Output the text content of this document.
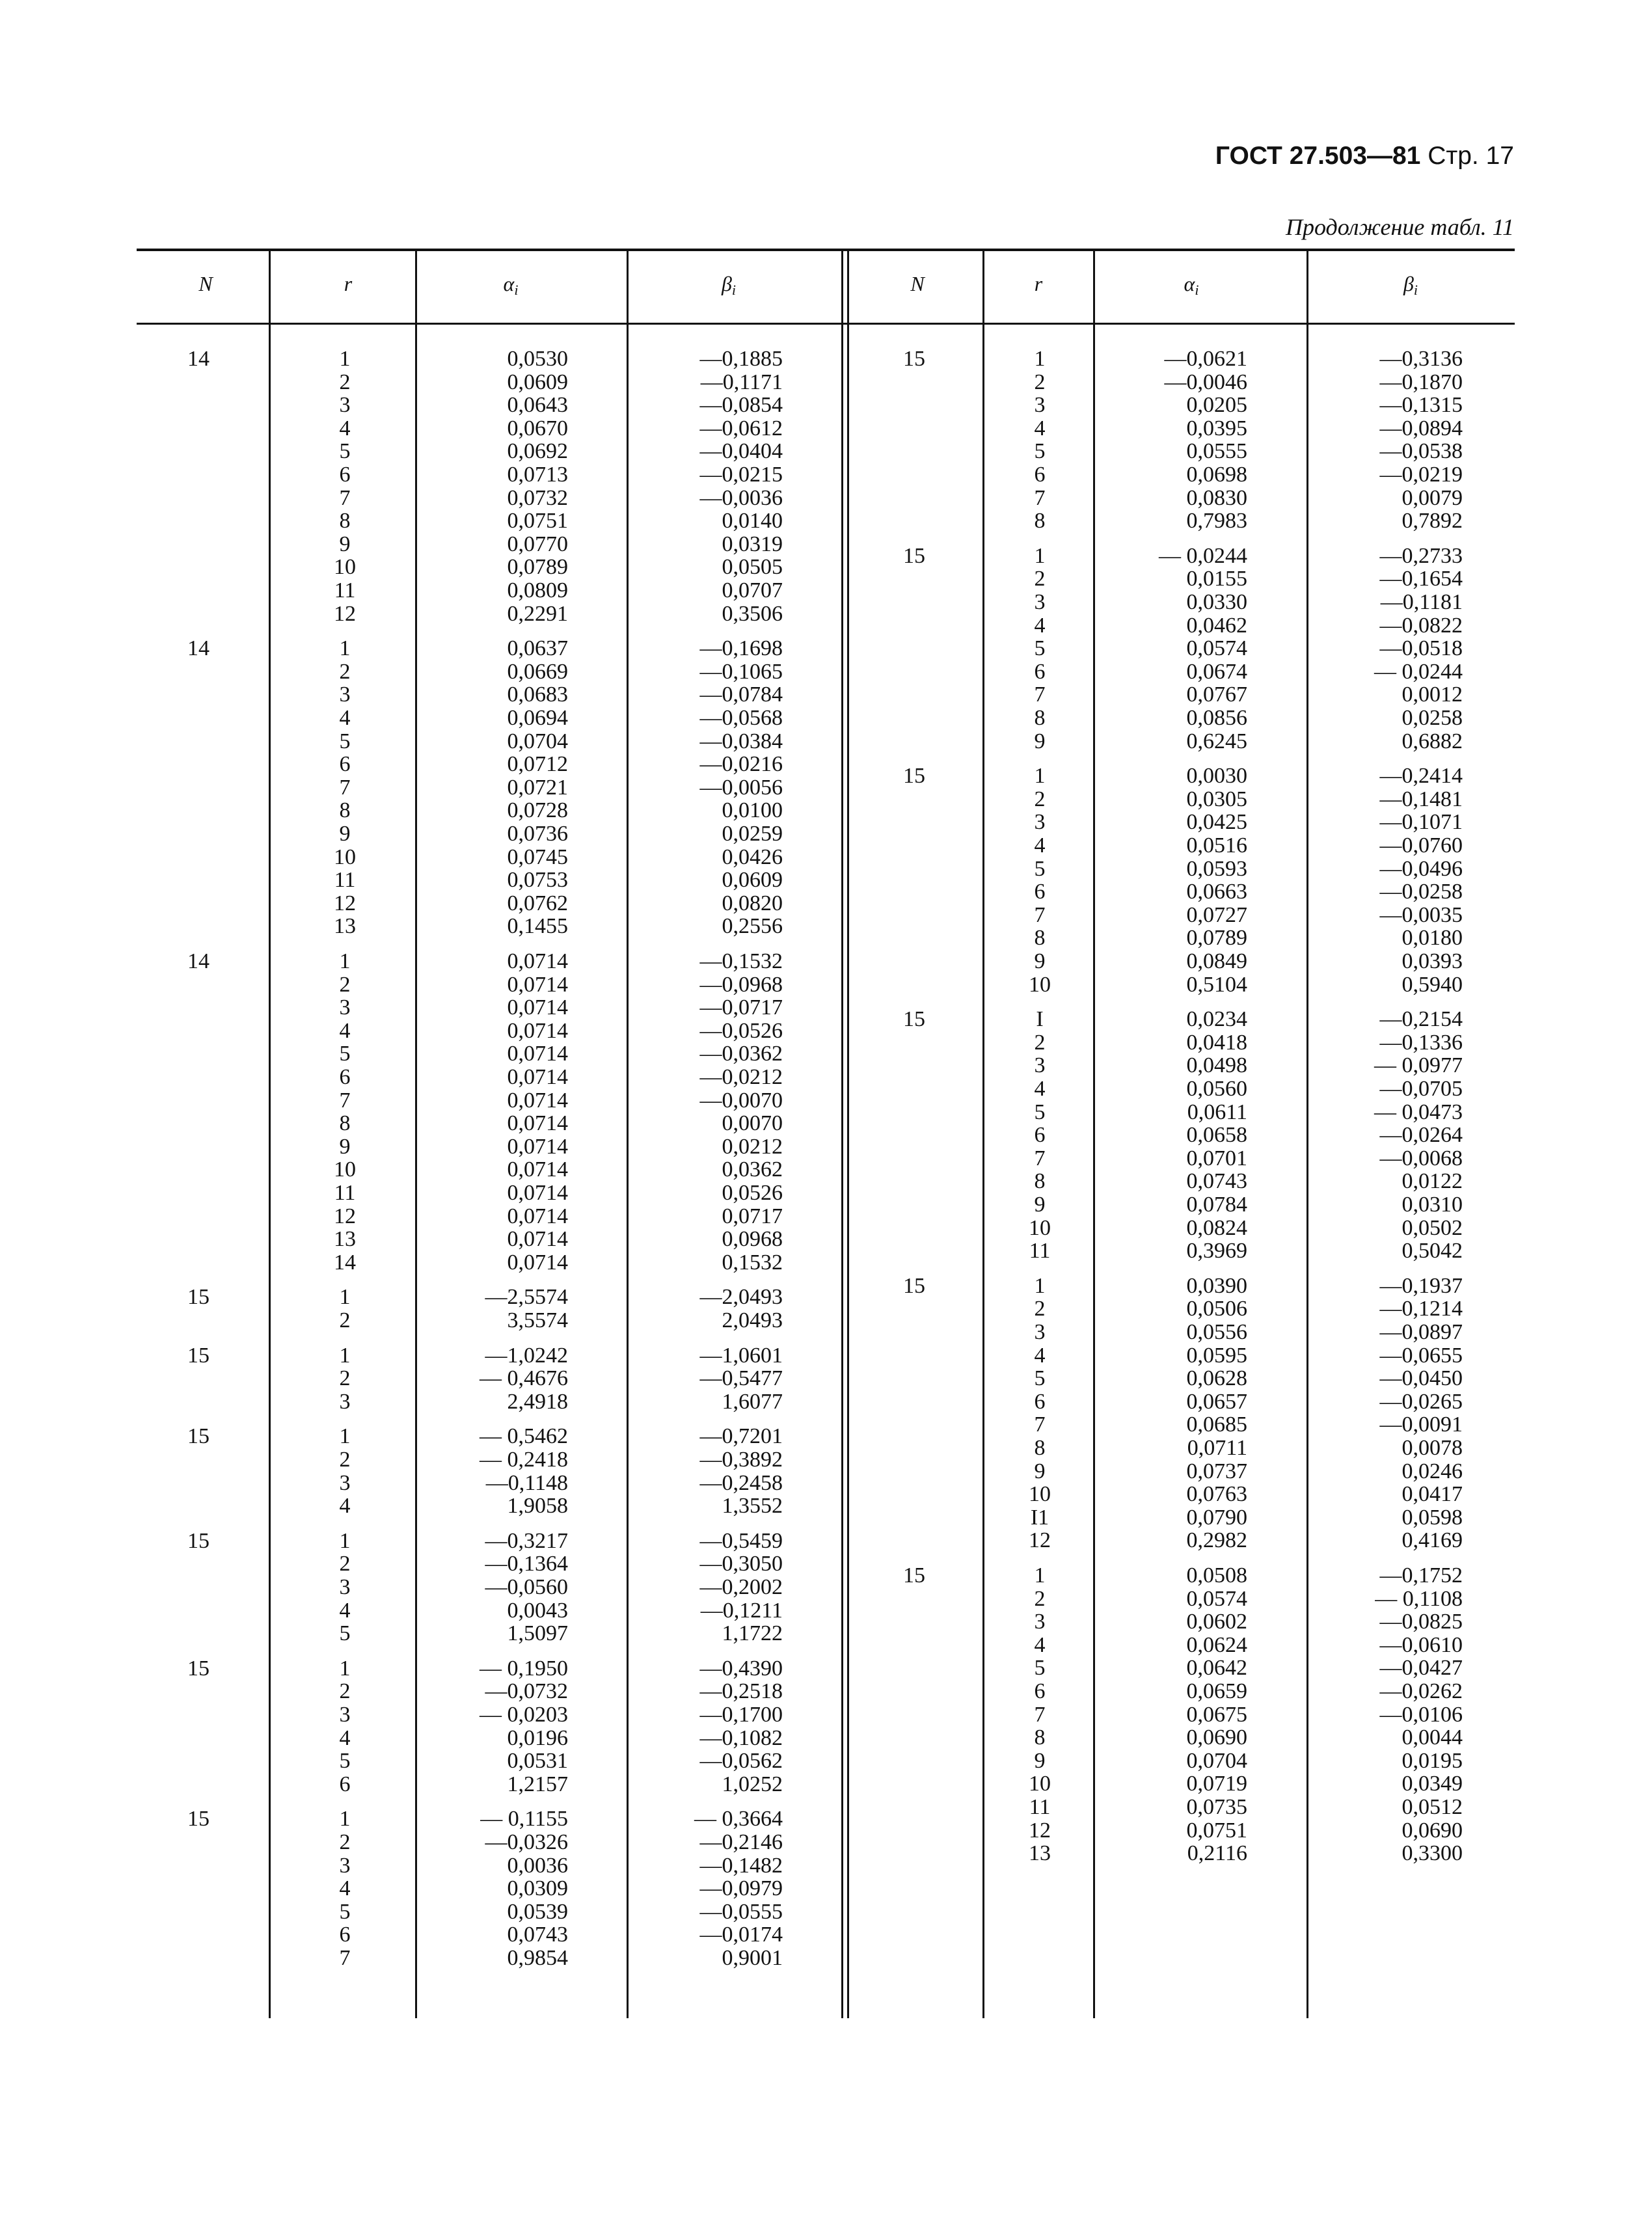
ГОСТ 27.503—81 Стр. 17
Продолжение табл. 11
N	r	$\alpha_i$	$\beta_i$	N	r	$\alpha_i$	$\beta_i$
14	1	0,0530	—0,1885
2	0,0609	—0,1171
3	0,0643	—0,0854
4	0,0670	—0,0612
5	0,0692	—0,0404
6	0,0713	—0,0215
7	0,0732	—0,0036
8	0,0751	0,0140
9	0,0770	0,0319
10	0,0789	0,0505
11	0,0809	0,0707
12	0,2291	0,3506
14	1	0,0637	—0,1698
2	0,0669	—0,1065
3	0,0683	—0,0784
4	0,0694	—0,0568
5	0,0704	—0,0384
6	0,0712	—0,0216
7	0,0721	—0,0056
8	0,0728	0,0100
9	0,0736	0,0259
10	0,0745	0,0426
11	0,0753	0,0609
12	0,0762	0,0820
13	0,1455	0,2556
14	1	0,0714	—0,1532
2	0,0714	—0,0968
3	0,0714	—0,0717
4	0,0714	—0,0526
5	0,0714	—0,0362
6	0,0714	—0,0212
7	0,0714	—0,0070
8	0,0714	0,0070
9	0,0714	0,0212
10	0,0714	0,0362
11	0,0714	0,0526
12	0,0714	0,0717
13	0,0714	0,0968
14	0,0714	0,1532
15	1	—2,5574	—2,0493
2	3,5574	2,0493
15	1	—1,0242	—1,0601
2	— 0,4676	—0,5477
3	2,4918	1,6077
15	1	— 0,5462	—0,7201
2	— 0,2418	—0,3892
3	—0,1148	—0,2458
4	1,9058	1,3552
15	1	—0,3217	—0,5459
2	—0,1364	—0,3050
3	—0,0560	—0,2002
4	0,0043	—0,1211
5	1,5097	1,1722
15	1	— 0,1950	—0,4390
2	—0,0732	—0,2518
3	— 0,0203	—0,1700
4	0,0196	—0,1082
5	0,0531	—0,0562
6	1,2157	1,0252
15	1	— 0,1155	— 0,3664
2	—0,0326	—0,2146
3	0,0036	—0,1482
4	0,0309	—0,0979
5	0,0539	—0,0555
6	0,0743	—0,0174
7	0,9854	0,9001
15	1	—0,0621	—0,3136
2	—0,0046	—0,1870
3	0,0205	—0,1315
4	0,0395	—0,0894
5	0,0555	—0,0538
6	0,0698	—0,0219
7	0,0830	0,0079
8	0,7983	0,7892
15	1	— 0,0244	—0,2733
2	0,0155	—0,1654
3	0,0330	—0,1181
4	0,0462	—0,0822
5	0,0574	—0,0518
6	0,0674	— 0,0244
7	0,0767	0,0012
8	0,0856	0,0258
9	0,6245	0,6882
15	1	0,0030	—0,2414
2	0,0305	—0,1481
3	0,0425	—0,1071
4	0,0516	—0,0760
5	0,0593	—0,0496
6	0,0663	—0,0258
7	0,0727	—0,0035
8	0,0789	0,0180
9	0,0849	0,0393
10	0,5104	0,5940
15	I	0,0234	—0,2154
2	0,0418	—0,1336
3	0,0498	— 0,0977
4	0,0560	—0,0705
5	0,0611	— 0,0473
6	0,0658	—0,0264
7	0,0701	—0,0068
8	0,0743	0,0122
9	0,0784	0,0310
10	0,0824	0,0502
11	0,3969	0,5042
15	1	0,0390	—0,1937
2	0,0506	—0,1214
3	0,0556	—0,0897
4	0,0595	—0,0655
5	0,0628	—0,0450
6	0,0657	—0,0265
7	0,0685	—0,0091
8	0,0711	0,0078
9	0,0737	0,0246
10	0,0763	0,0417
I1	0,0790	0,0598
12	0,2982	0,4169
15	1	0,0508	—0,1752
2	0,0574	— 0,1108
3	0,0602	—0,0825
4	0,0624	—0,0610
5	0,0642	—0,0427
6	0,0659	—0,0262
7	0,0675	—0,0106
8	0,0690	0,0044
9	0,0704	0,0195
10	0,0719	0,0349
11	0,0735	0,0512
12	0,0751	0,0690
13	0,2116	0,3300
